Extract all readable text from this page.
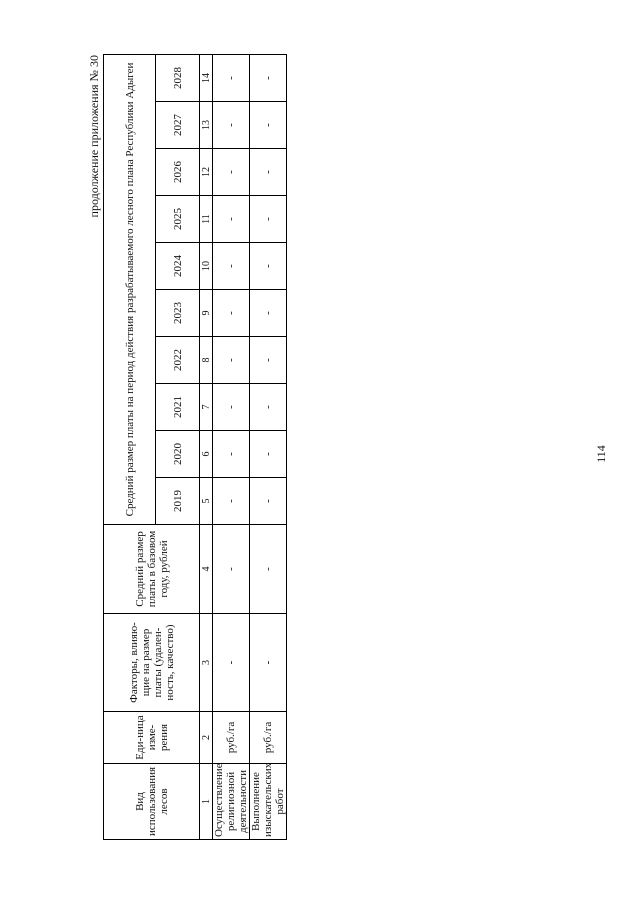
продолжение приложения № 30
Вид использования лесов	Еди-ница изме-рения	Факторы, влияю-щие на размер платы (удален-ность, качество)	Средний размер платы в базовом году, рублей	Средний размер платы на период действия разрабатываемого лесного плана Республики Адыгеи									
				2019	2020	2021	2022	2023	2024	2025	2026	2027	2028
1	2	3	4	5	6	7	8	9	10	11	12	13	14
Осуществление религиозной деятельности	руб./га	-	-	-	-	-	-	-	-	-	-	-	-
Выполнение изыскательских работ	руб./га	-	-	-	-	-	-	-	-	-	-	-	-
114
